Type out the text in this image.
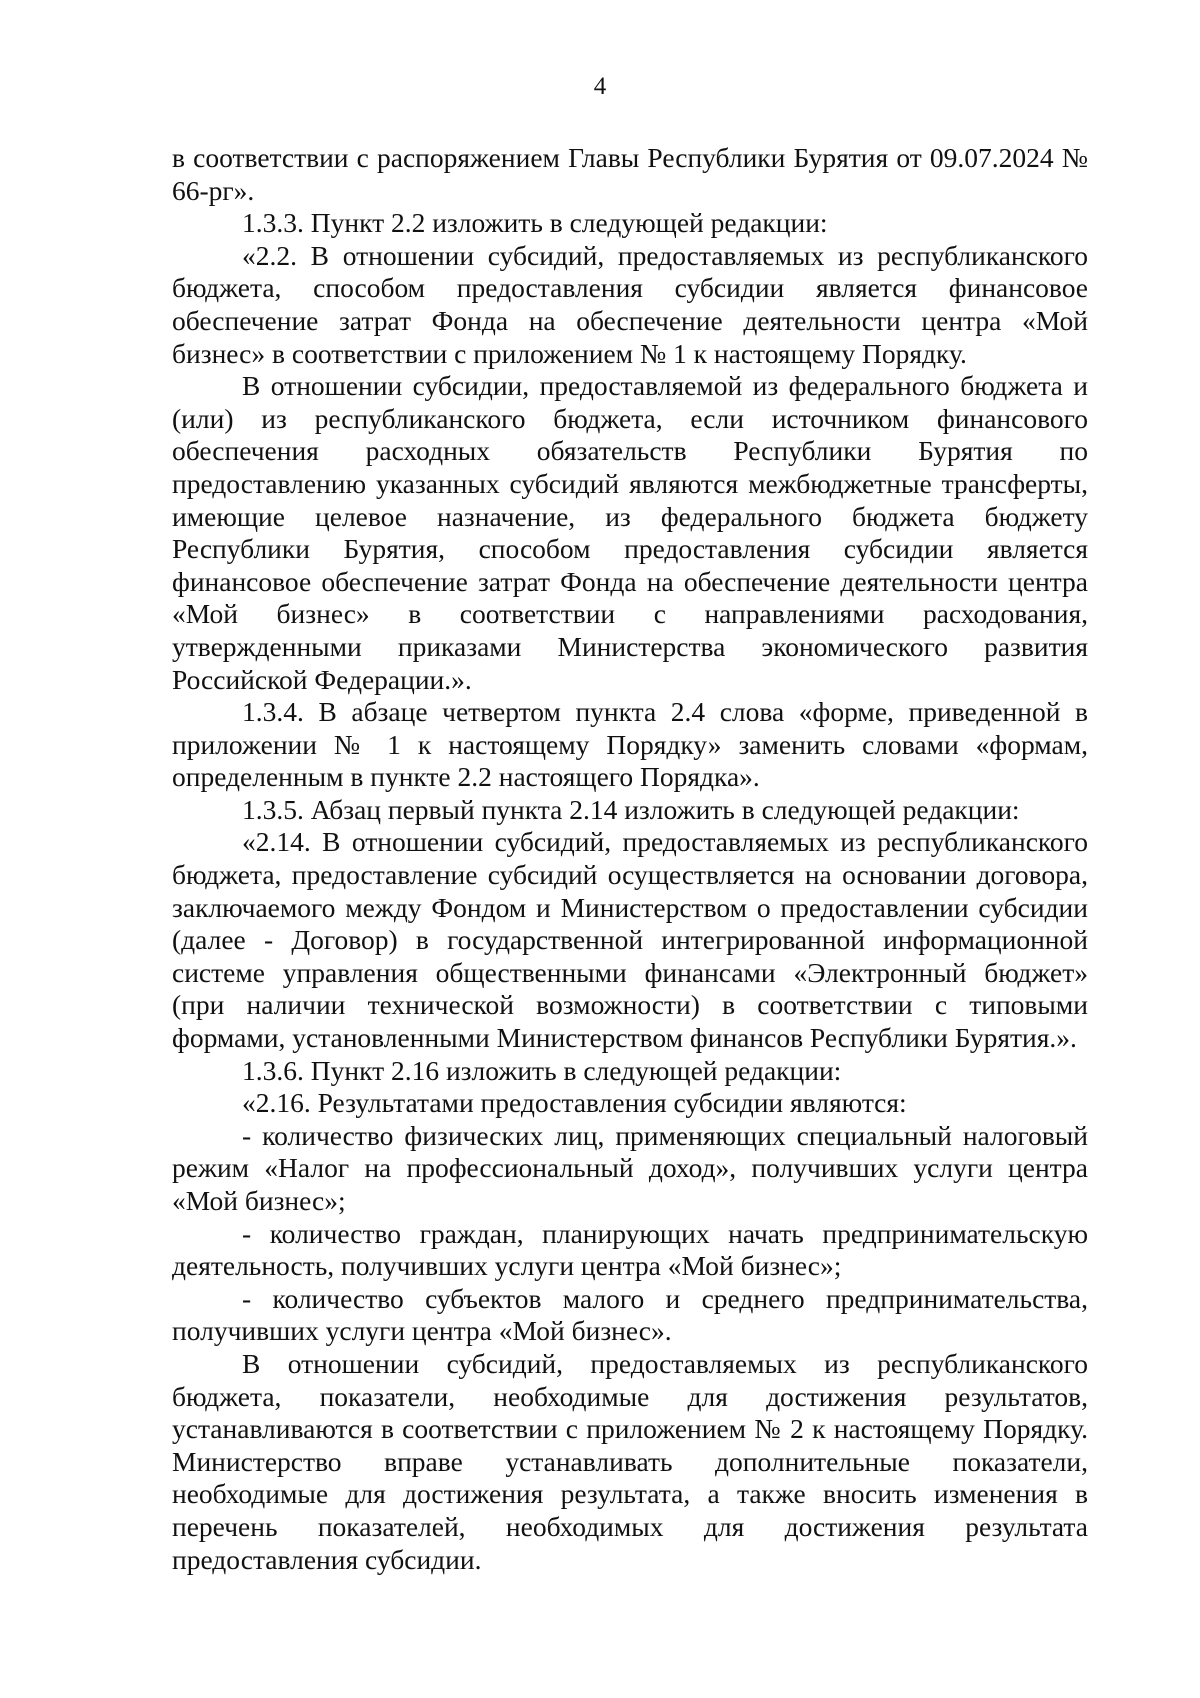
4

в соответствии с распоряжением Главы Республики Бурятия от 09.07.2024 № 66-рг».

1.3.3. Пункт 2.2 изложить в следующей редакции:

«2.2. В отношении субсидий, предоставляемых из республиканского бюджета, способом предоставления субсидии является финансовое обеспечение затрат Фонда на обеспечение деятельности центра «Мой бизнес» в соответствии с приложением № 1 к настоящему Порядку.

В отношении субсидии, предоставляемой из федерального бюджета и (или) из республиканского бюджета, если источником финансового обеспечения расходных обязательств Республики Бурятия по предоставлению указанных субсидий являются межбюджетные трансферты, имеющие целевое назначение, из федерального бюджета бюджету Республики Бурятия, способом предоставления субсидии является финансовое обеспечение затрат Фонда на обеспечение деятельности центра «Мой бизнес» в соответствии с направлениями расходования, утвержденными приказами Министерства экономического развития Российской Федерации.».

1.3.4. В абзаце четвертом пункта 2.4 слова «форме, приведенной в приложении № 1 к настоящему Порядку» заменить словами «формам, определенным в пункте 2.2 настоящего Порядка».

1.3.5. Абзац первый пункта 2.14 изложить в следующей редакции:

«2.14. В отношении субсидий, предоставляемых из республиканского бюджета, предоставление субсидий осуществляется на основании договора, заключаемого между Фондом и Министерством о предоставлении субсидии (далее - Договор) в государственной интегрированной информационной системе управления общественными финансами «Электронный бюджет» (при наличии технической возможности) в соответствии с типовыми формами, установленными Министерством финансов Республики Бурятия.».

1.3.6. Пункт 2.16 изложить в следующей редакции:

«2.16. Результатами предоставления субсидии являются:

- количество физических лиц, применяющих специальный налоговый режим «Налог на профессиональный доход», получивших услуги центра «Мой бизнес»;

- количество граждан, планирующих начать предпринимательскую деятельность, получивших услуги центра «Мой бизнес»;

- количество субъектов малого и среднего предпринимательства, получивших услуги центра «Мой бизнес».

В отношении субсидий, предоставляемых из республиканского бюджета, показатели, необходимые для достижения результатов, устанавливаются в соответствии с приложением № 2 к настоящему Порядку. Министерство вправе устанавливать дополнительные показатели, необходимые для достижения результата, а также вносить изменения в перечень показателей, необходимых для достижения результата предоставления субсидии.
